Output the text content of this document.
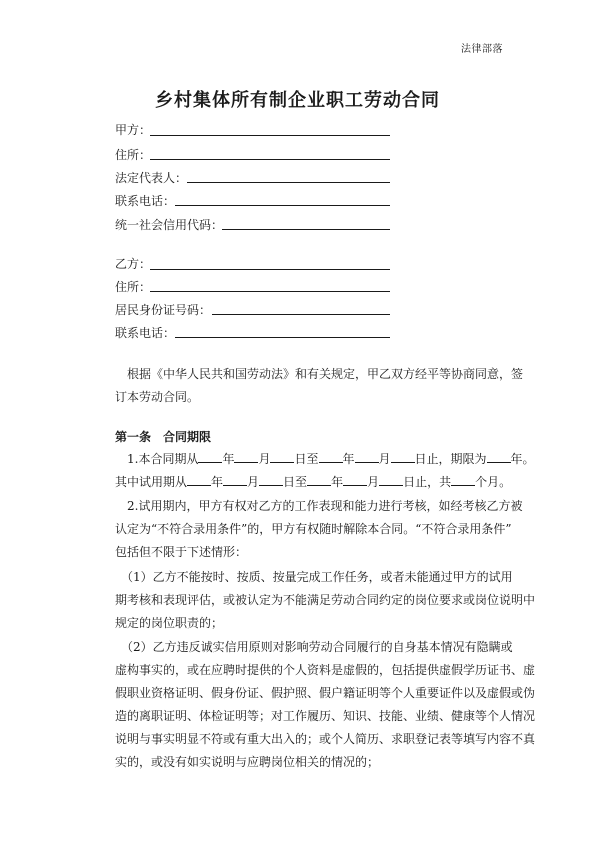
法律部落
乡村集体所有制企业职工劳动合同
甲方：
住所：
法定代表人：
联系电话：
统一社会信用代码：
乙方：
住所：
居民身份证号码：
联系电话：
根据《中华人民共和国劳动法》和有关规定，甲乙双方经平等协商同意，签
订本劳动合同。
第一条　合同期限
1.本合同期从 年 月 日至 年 月 日止，期限为 年。
其中试用期从 年 月 日至 年 月 日止，共 个月。
2.试用期内，甲方有权对乙方的工作表现和能力进行考核，如经考核乙方被
认定为“不符合录用条件”的，甲方有权随时解除本合同。“不符合录用条件”
包括但不限于下述情形：
（1）乙方不能按时、按质、按量完成工作任务，或者未能通过甲方的试用
期考核和表现评估，或被认定为不能满足劳动合同约定的岗位要求或岗位说明中
规定的岗位职责的；
（2）乙方违反诚实信用原则对影响劳动合同履行的自身基本情况有隐瞒或
虚构事实的，或在应聘时提供的个人资料是虚假的，包括提供虚假学历证书、虚
假职业资格证明、假身份证、假护照、假户籍证明等个人重要证件以及虚假或伪
造的离职证明、体检证明等；对工作履历、知识、技能、业绩、健康等个人情况
说明与事实明显不符或有重大出入的；或个人简历、求职登记表等填写内容不真
实的，或没有如实说明与应聘岗位相关的情况的；
